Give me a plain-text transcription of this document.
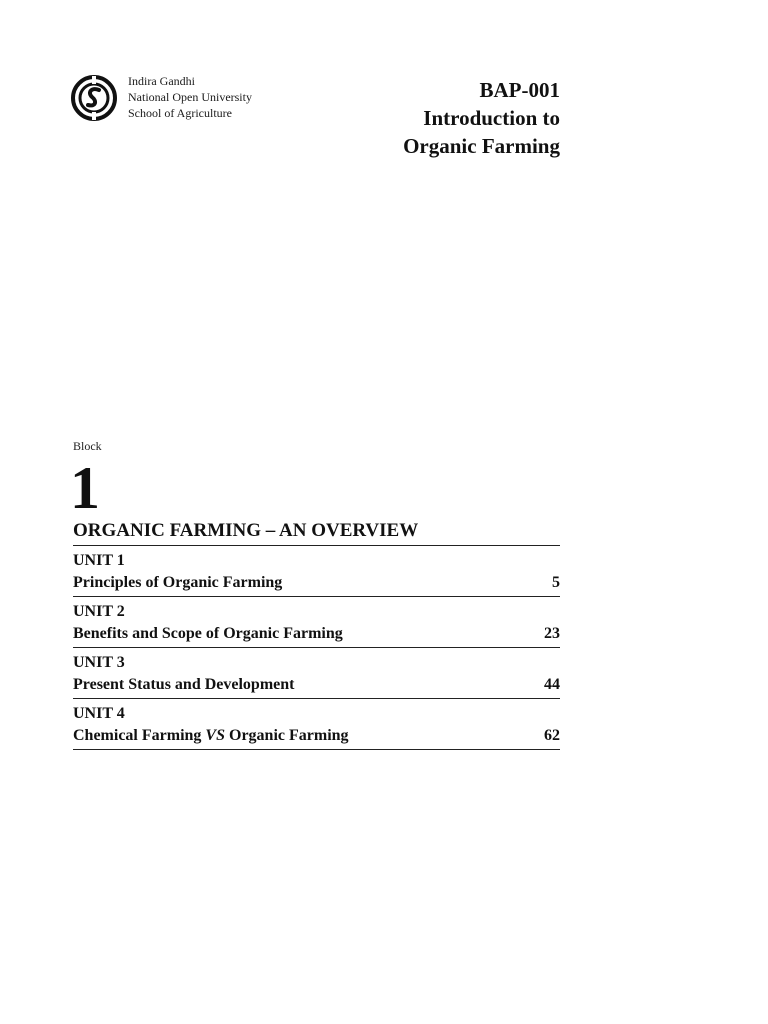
Indira Gandhi
National Open University
School of Agriculture
BAP-001
Introduction to
Organic Farming
Block
1
ORGANIC FARMING – AN OVERVIEW
UNIT 1
Principles of Organic Farming	5
UNIT 2
Benefits and Scope of Organic Farming	23
UNIT 3
Present Status and Development	44
UNIT 4
Chemical Farming VS Organic Farming	62
